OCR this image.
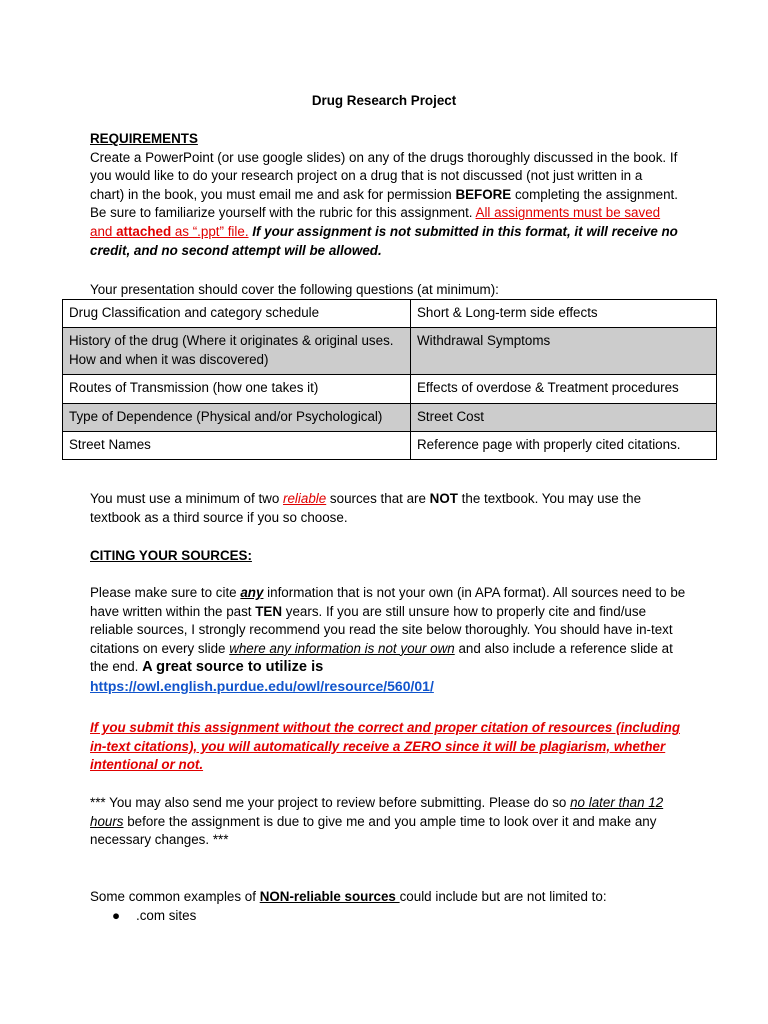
Drug Research Project
REQUIREMENTS
Create a PowerPoint (or use google slides) on any of the drugs thoroughly discussed in the book. If you would like to do your research project on a drug that is not discussed (not just written in a chart) in the book, you must email me and ask for permission BEFORE completing the assignment. Be sure to familiarize yourself with the rubric for this assignment. All assignments must be saved and attached as “.ppt” file. If your assignment is not submitted in this format, it will receive no credit, and no second attempt will be allowed.
Your presentation should cover the following questions (at minimum):
Drug Classification and category schedule	Short & Long-term side effects
History of the drug (Where it originates & original uses. How and when it was discovered)	Withdrawal Symptoms
Routes of Transmission (how one takes it)	Effects of overdose & Treatment procedures
Type of Dependence (Physical and/or Psychological)	Street Cost
Street Names	Reference page with properly cited citations.
You must use a minimum of two reliable sources that are NOT the textbook. You may use the textbook as a third source if you so choose.
CITING YOUR SOURCES:
Please make sure to cite any information that is not your own (in APA format). All sources need to be have written within the past TEN years. If you are still unsure how to properly cite and find/use reliable sources, I strongly recommend you read the site below thoroughly. You should have in-text citations on every slide where any information is not your own and also include a reference slide at the end. A great source to utilize is
https://owl.english.purdue.edu/owl/resource/560/01/
If you submit this assignment without the correct and proper citation of resources (including in-text citations), you will automatically receive a ZERO since it will be plagiarism, whether intentional or not.
*** You may also send me your project to review before submitting. Please do so no later than 12 hours before the assignment is due to give me and you ample time to look over it and make any necessary changes. ***
Some common examples of NON-reliable sources could include but are not limited to:
● .com sites
